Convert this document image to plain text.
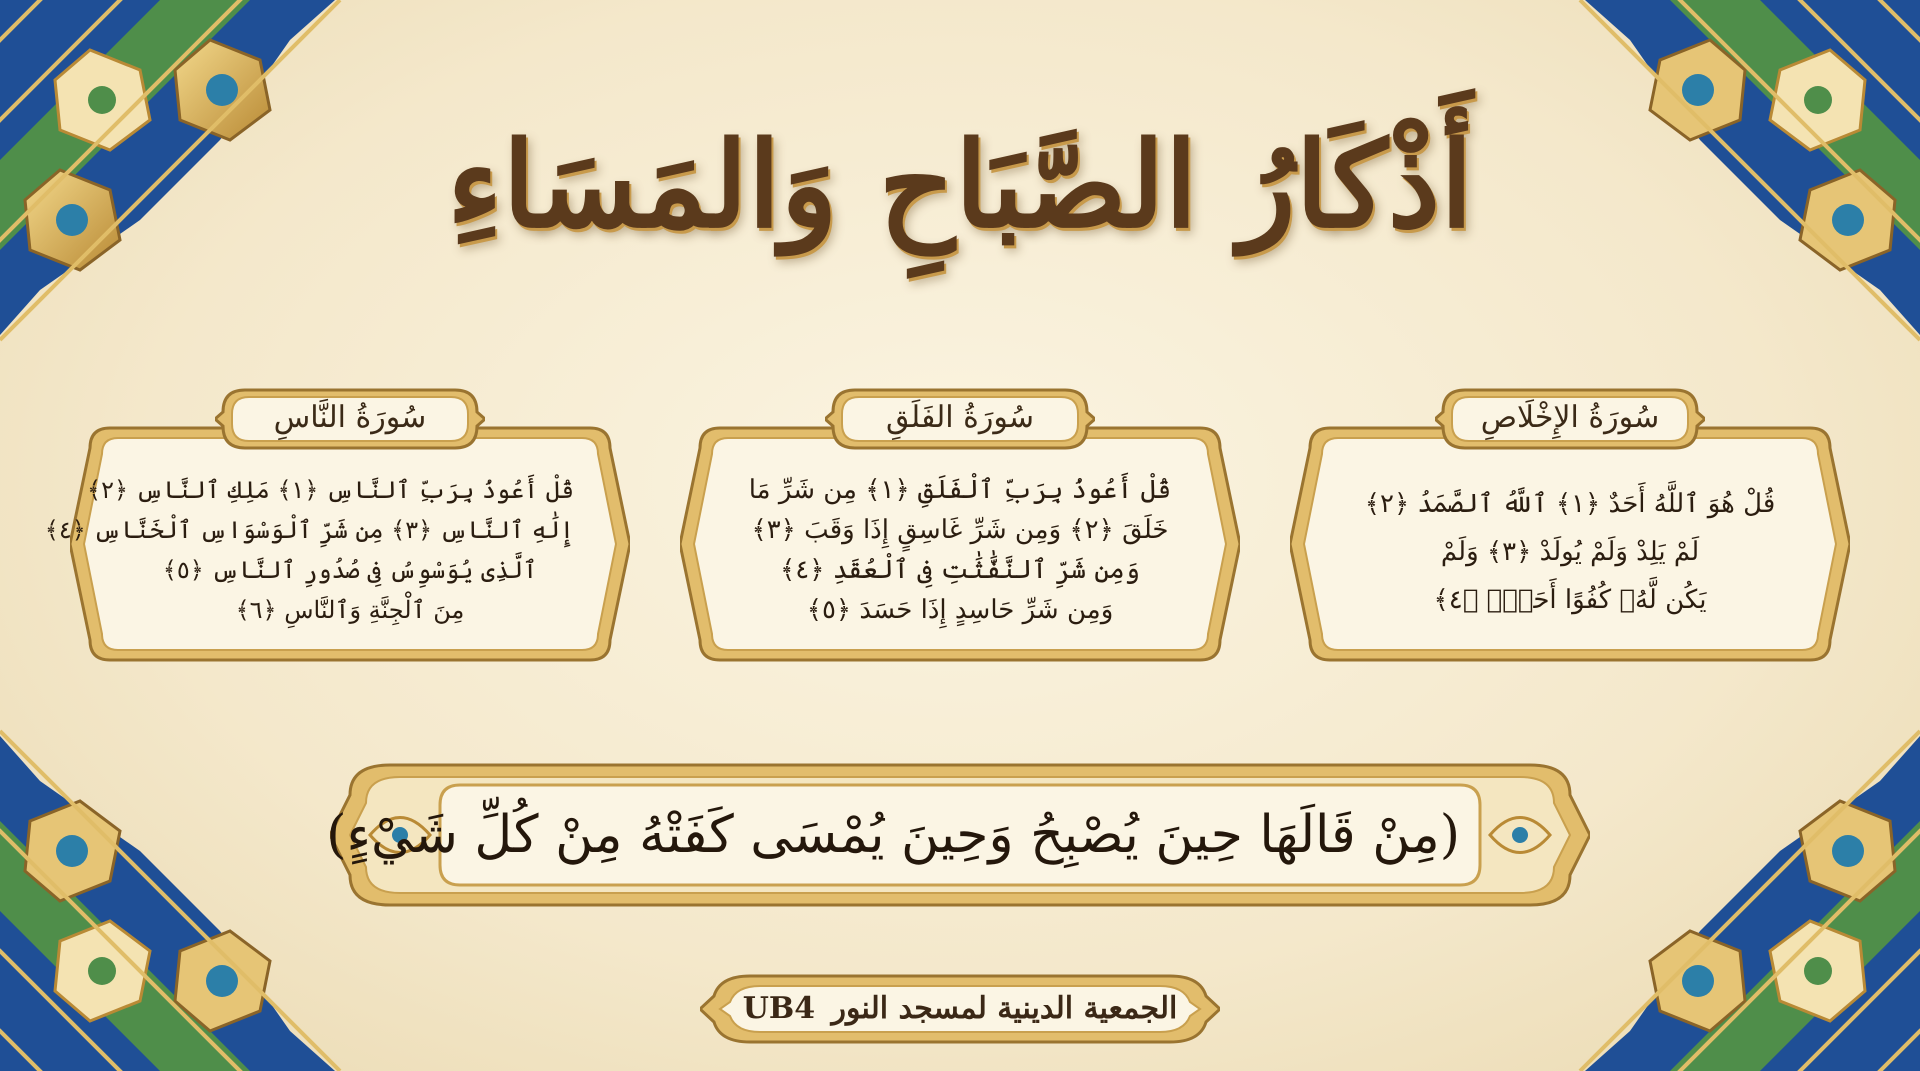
أَذْكَارُ الصَّبَاحِ وَالمَسَاءِ
سُورَةُ الإِخْلَاصِ
قُلْ هُوَ ٱللَّهُ أَحَدٌ ﴿١﴾ ٱللَّهُ ٱلصَّمَدُ ﴿٢﴾
لَمْ يَلِدْ وَلَمْ يُولَدْ ﴿٣﴾ وَلَمْ
يَكُن لَّهُۥ كُفُوًا أَحَدٌۢ ﴿٤﴾
سُورَةُ الفَلَقِ
قُلْ أَعُوذُ بِرَبِّ ٱلْفَلَقِ ﴿١﴾ مِن شَرِّ مَا
خَلَقَ ﴿٢﴾ وَمِن شَرِّ غَاسِقٍ إِذَا وَقَبَ ﴿٣﴾
وَمِن شَرِّ ٱلنَّفَّٰثَٰتِ فِى ٱلْعُقَدِ ﴿٤﴾
وَمِن شَرِّ حَاسِدٍ إِذَا حَسَدَ ﴿٥﴾
سُورَةُ النَّاسِ
قُلْ أَعُوذُ بِرَبِّ ٱلنَّاسِ ﴿١﴾ مَلِكِ ٱلنَّاسِ ﴿٢﴾
إِلَٰهِ ٱلنَّاسِ ﴿٣﴾ مِن شَرِّ ٱلْوَسْوَاسِ ٱلْخَنَّاسِ ﴿٤﴾
ٱلَّذِى يُوَسْوِسُ فِى صُدُورِ ٱلنَّاسِ ﴿٥﴾
مِنَ ٱلْجِنَّةِ وَٱلنَّاسِ ﴿٦﴾
(مِنْ قَالَهَا حِينَ يُصْبِحُ وَحِينَ يُمْسَى كَفَتْهُ مِنْ كُلِّ شَيْءٍ)
الجمعية الدينية لمسجد النور UB4
